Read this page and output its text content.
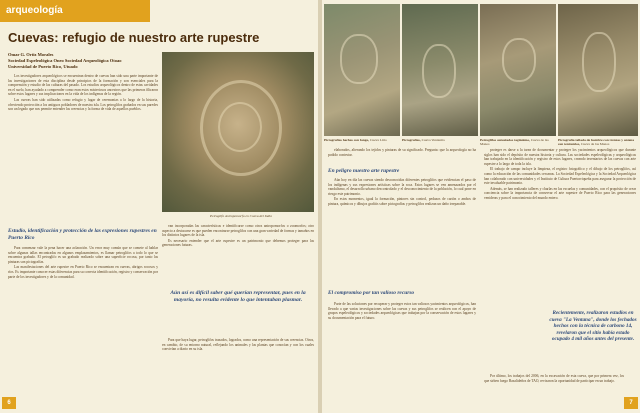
arqueología
Cuevas: refugio de nuestro arte rupestre
Omar G. Ortiz Morales
Sociedad Espeleológica Oneo Sociedad Arqueológica Otoao
Universidad de Puerto Rico, Utuado

Los investigadores arqueológicos se encuentran dentro de cuevas han sido una parte importante de las investigaciones de esta disciplina desde principios de la formación y son esenciales para la comprensión y estudio de las culturas del pasado. Los estudios arqueológicos dentro de estas cavidades en el suelo, han ayudado a comprender como eran estos misteriosos ancestros que las primeras filtraron sobre estos lugares y sus implicaciones en la vida de los indígenas de la región.

Las cuevas han sido utilizadas como refugio y lugar de ceremonias a lo largo de la historia, ofreciendo protección a los antiguos pobladores de nuestra isla. Los petroglifos grabados en sus paredes son un legado que nos permite entender las creencias y la forma de vida de aquellos pueblos.

Petroglifo Antropomorfo en Cueva del Indio
Estudio, identificación y protección de las expresiones rupestres en Puerto Rico

Para comenzar vale la pena hacer una aclaración. Un error muy común que se comete al hablar sobre algunas tallas encontradas en algunos emplazamientos, es llamar petroglifos a todo lo que se encuentra grabado. El petroglifo es un grabado realizado sobre una superficie rocosa, por tanto las pinturas son pictografías.

Las manifestaciones del arte rupestre en Puerto Rico se encuentran en cuevas, abrigos rocosos y ríos. Es importante conocer estas diferencias para su correcta identificación, registro y conservación por parte de los investigadores y de la comunidad.

van incorporadas las características e identificarse como otros antropomorfos o zoomorfos; otro aspecto a destacarse es que pueden encontrarse petroglifos con una gran variedad de formas y tamaños en los distintos lugares de la isla.

Es necesario entender que el arte rupestre es un patrimonio que debemos proteger para las generaciones futuras.

Aún así es difícil saber qué querían representar, pues en la mayoría, no resulta evidente lo que intentaban plasmar.

Para que haya lugar, petroglifos trazados, logrados, como una representación de sus creencias. Otros, en cambio, de su entorno natural, reflejando los animales y las plantas que conocían y con los cuales convivían a diario en su isla.

6
Pictografías hechas con fango, Cueva Lirio	Pictografías, Cueva Ventanita	Petroglifos aureolados tagiónimo, Cueva de las Manos
Pictografía tallada de hombre con trenzas y antena con tentáculos, Cueva de las Manos

elaborados, alterando los tejidos y pinturas de su significado. Pregunta: que la arqueología no ha podido contestar.

En peligro nuestro arte rupestre

Aún hoy en día las cuevas siendo desconocidas diferentes petroglifos que evidencian el paso de los indígenas y sus expresiones artísticas sobre la roca. Estos lugares se ven amenazados por el vandalismo, el desarrollo urbano descontrolado y el desconocimiento de la población, lo cual pone en riesgo este patrimonio.

En estos momentos, igual la formación, pintores sin control, pedazos de cartón o ambos de pintura, químicos y dibujos grafitis sobre pictografías y petroglifos realizan un daño irreparable.

El compromiso por tan valioso recurso

Parte de las soluciones por recuperar y proteger estos tan valiosos yacimientos arqueológicos, han llevado a que varias investigaciones sobre las cuevas y sus petroglifos se realicen con el apoyo de grupos espeleológicos y sociedades arqueológicas que trabajan por la conservación de estos lugares y su documentación para el futuro.

proteger es darse a la tarea de documentar y proteger los yacimientos arqueológicos que durante siglos han sido el depósito de nuestra historia y cultura. Las sociedades espeleológicas y arqueológicas han trabajado en la identificación y registro de estos lugares, creando inventarios de las cuevas con arte rupestre a lo largo de toda la isla.

El trabajo de campo incluye la limpieza, el registro fotográfico y el dibujo de los petroglifos, así como la educación de las comunidades cercanas. La Sociedad Espeleológica y la Sociedad Arqueológica han colaborado con universidades y el Instituto de Cultura Puertorriqueña para asegurar la protección de este invaluable patrimonio.

Además, se han realizado talleres y charlas en las escuelas y comunidades, con el propósito de crear conciencia sobre la importancia de conservar el arte rupestre de Puerto Rico para las generaciones venideras y para el conocimiento del mundo entero.

Recientemente, realizaron estudios en cueva "La Ventana", donde los fechados hechos con la técnica de carbono 14, revelaron que el sitio había estado ocupado 4 mil años antes del presente.

Por último, los trabajos del 2006, en la excavación de esta cueva, que por primera vez, los que sirben fuego Basalideños de TAO, revisaron la oportunidad de participar en un trabajo.

7
